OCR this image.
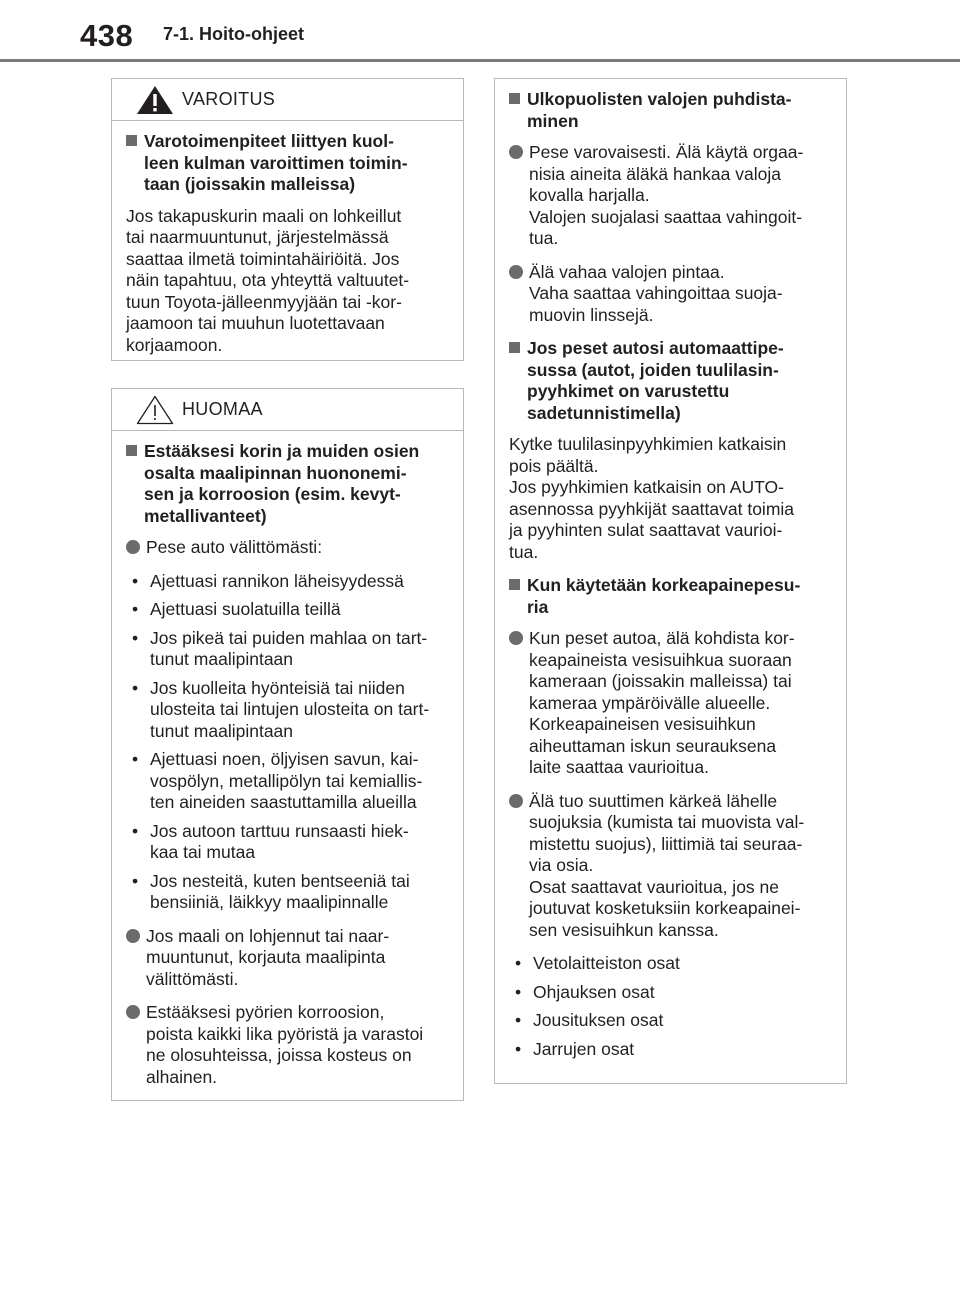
438 7-1. Hoito-ohjeet
VAROITUS
Varotoimenpiteet liittyen kuol-
leen kulman varoittimen toimin-
taan (joissakin malleissa)
Jos takapuskurin maali on lohkeillut
tai naarmuuntunut, järjestelmässä
saattaa ilmetä toimintahäiriöitä. Jos
näin tapahtuu, ota yhteyttä valtuutet-
tuun Toyota-jälleenmyyjään tai -kor-
jaamoon tai muuhun luotettavaan
korjaamoon.
HUOMAA
Estääksesi korin ja muiden osien
osalta maalipinnan huononemi-
sen ja korroosion (esim. kevyt-
metallivanteet)
Pese auto välittömästi:
• Ajettuasi rannikon läheisyydessä
• Ajettuasi suolatuilla teillä
• Jos pikeä tai puiden mahlaa on tart-
tunut maalipintaan
• Jos kuolleita hyönteisiä tai niiden
ulosteita tai lintujen ulosteita on tart-
tunut maalipintaan
• Ajettuasi noen, öljyisen savun, kai-
vospölyn, metallipölyn tai kemiallis-
ten aineiden saastuttamilla alueilla
• Jos autoon tarttuu runsaasti hiek-
kaa tai mutaa
• Jos nesteitä, kuten bentseeniä tai
bensiiniä, läikkyy maalipinnalle
Jos maali on lohjennut tai naar-
muuntunut, korjauta maalipinta
välittömästi.
Estääksesi pyörien korroosion,
poista kaikki lika pyöristä ja varastoi
ne olosuhteissa, joissa kosteus on
alhainen.
Ulkopuolisten valojen puhdista-
minen
Pese varovaisesti. Älä käytä orgaa-
nisia aineita äläkä hankaa valoja
kovalla harjalla.
Valojen suojalasi saattaa vahingoit-
tua.
Älä vahaa valojen pintaa.
Vaha saattaa vahingoittaa suoja-
muovin linssejä.
Jos peset autosi automaattipe-
sussa (autot, joiden tuulilasin-
pyyhkimet on varustettu
sadetunnistimella)
Kytke tuulilasinpyyhkimien katkaisin
pois päältä.
Jos pyyhkimien katkaisin on AUTO-
asennossa pyyhkijät saattavat toimia
ja pyyhinten sulat saattavat vaurioi-
tua.
Kun käytetään korkeapainepesu-
ria
Kun peset autoa, älä kohdista kor-
keapaineista vesisuihkua suoraan
kameraan (joissakin malleissa) tai
kameraa ympäröivälle alueelle.
Korkeapaineisen vesisuihkun
aiheuttaman iskun seurauksena
laite saattaa vaurioitua.
Älä tuo suuttimen kärkeä lähelle
suojuksia (kumista tai muovista val-
mistettu suojus), liittimiä tai seuraa-
via osia.
Osat saattavat vaurioitua, jos ne
joutuvat kosketuksiin korkeapainei-
sen vesisuihkun kanssa.
• Vetolaitteiston osat
• Ohjauksen osat
• Jousituksen osat
• Jarrujen osat
